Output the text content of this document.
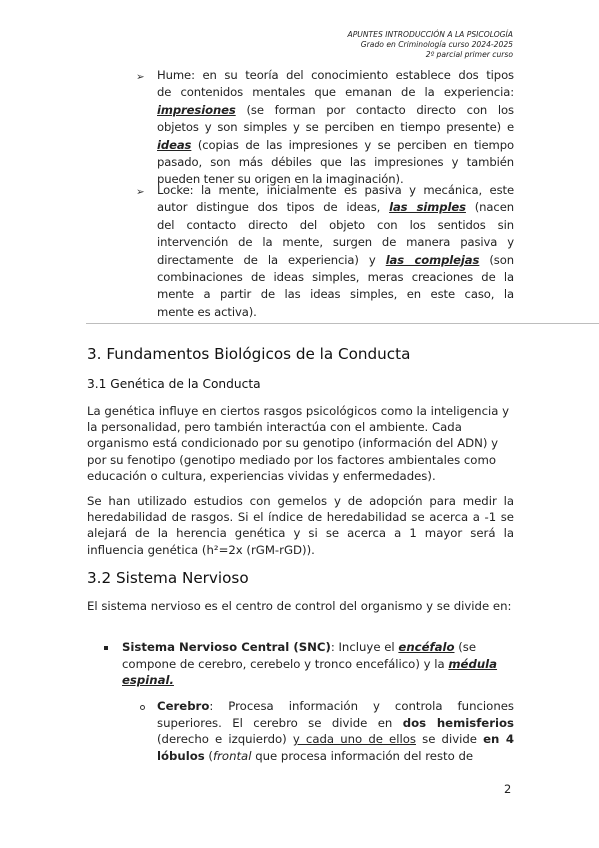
APUNTES INTRODUCCIÓN A LA PSICOLOGÍA
Grado en Criminología curso 2024-2025
2º parcial primer curso
➢ Hume: en su teoría del conocimiento establece dos tipos
de contenidos mentales que emanan de la experiencia:
impresiones (se forman por contacto directo con los
objetos y son simples y se perciben en tiempo presente) e
ideas (copias de las impresiones y se perciben en tiempo
pasado, son más débiles que las impresiones y también
pueden tener su origen en la imaginación).
➢ Locke: la mente, inicialmente es pasiva y mecánica, este
autor distingue dos tipos de ideas, las simples (nacen
del contacto directo del objeto con los sentidos sin
intervención de la mente, surgen de manera pasiva y
directamente de la experiencia) y las complejas (son
combinaciones de ideas simples, meras creaciones de la
mente a partir de las ideas simples, en este caso, la
mente es activa).
3. Fundamentos Biológicos de la Conducta
3.1 Genética de la Conducta
La genética influye en ciertos rasgos psicológicos como la inteligencia y la personalidad, pero también interactúa con el ambiente. Cada organismo está condicionado por su genotipo (información del ADN) y por su fenotipo (genotipo mediado por los factores ambientales como educación o cultura, experiencias vividas y enfermedades).
Se han utilizado estudios con gemelos y de adopción para medir la heredabilidad de rasgos. Si el índice de heredabilidad se acerca a -1 se alejará de la herencia genética y si se acerca a 1 mayor será la influencia genética (h²=2x (rGM-rGD)).
3.2 Sistema Nervioso
El sistema nervioso es el centro de control del organismo y se divide en:
Sistema Nervioso Central (SNC): Incluye el encéfalo (se compone de cerebro, cerebelo y tronco encefálico) y la médula espinal.
Cerebro: Procesa información y controla funciones superiores. El cerebro se divide en dos hemisferios (derecho e izquierdo) y cada uno de ellos se divide en 4 lóbulos (frontal que procesa información del resto de
2
